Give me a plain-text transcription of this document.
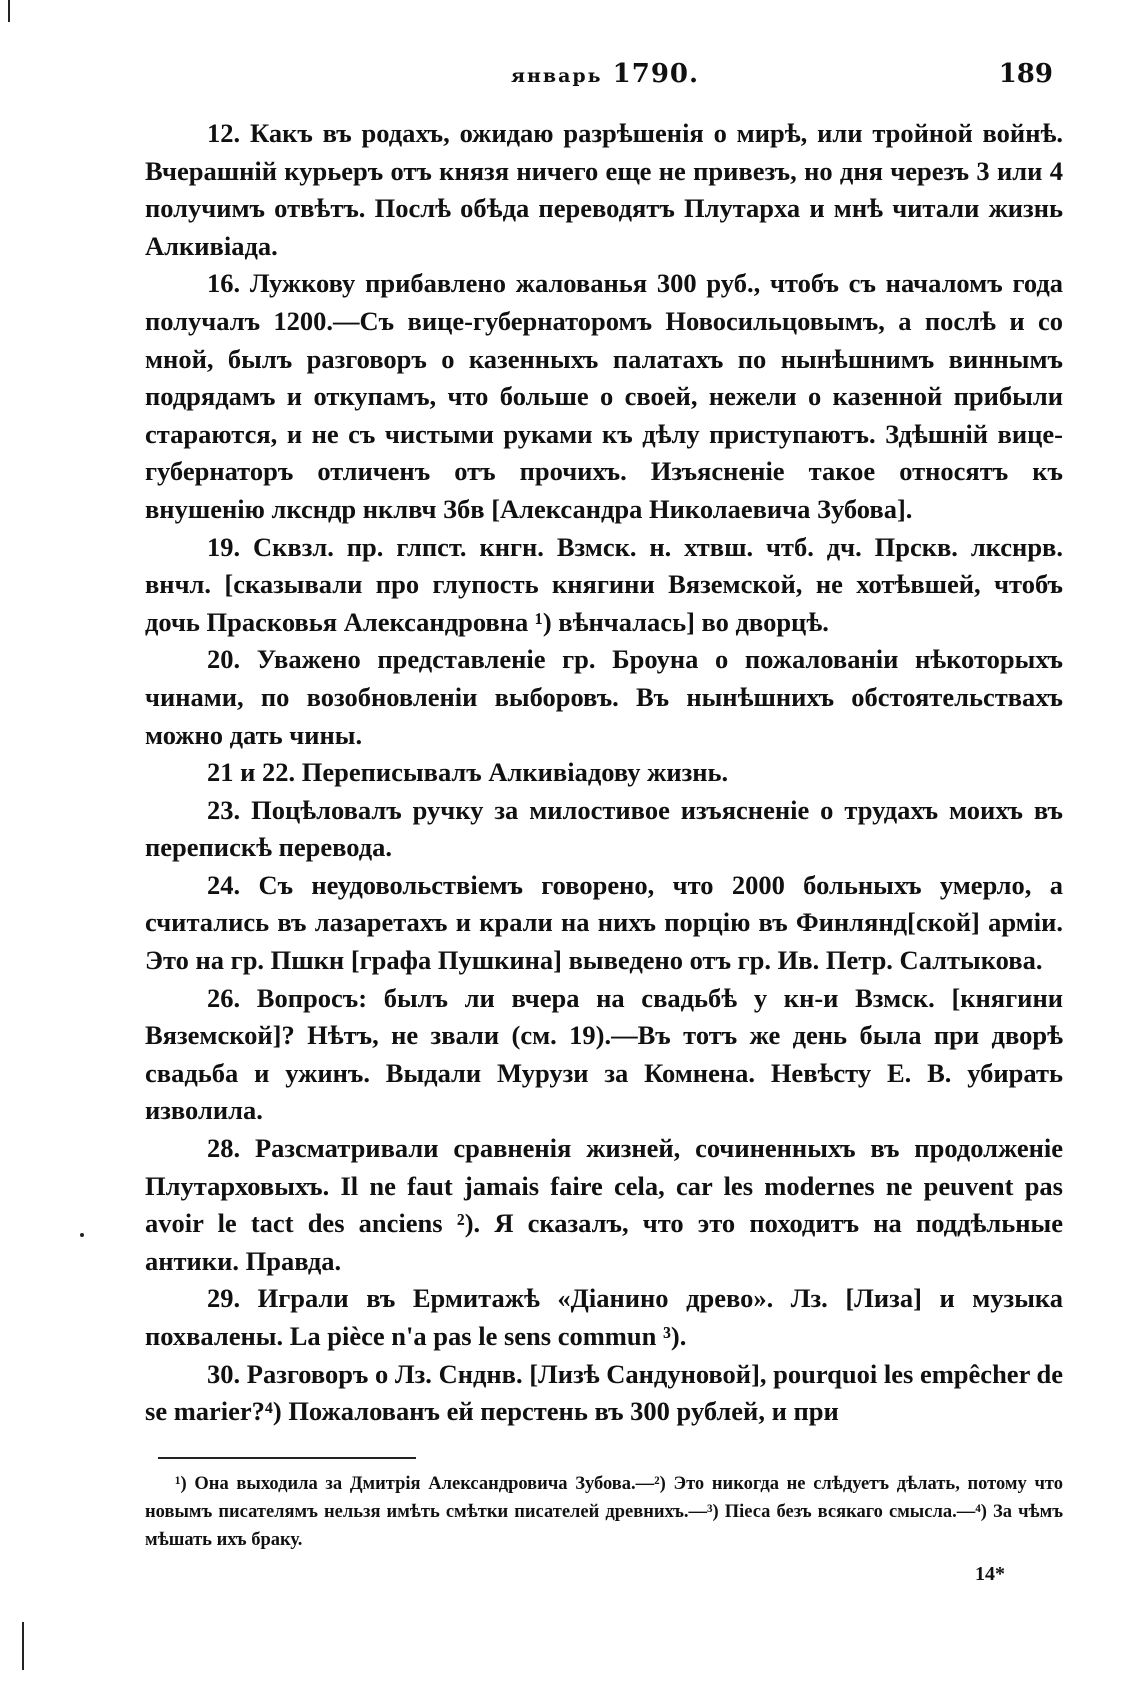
январь 1790.	189

12. Какъ въ родахъ, ожидаю разрѣшенія о мирѣ, или тройной войнѣ. Вчерашній курьеръ отъ князя ничего еще не привезъ, но дня черезъ 3 или 4 получимъ отвѣтъ. Послѣ обѣда переводятъ Плутарха и мнѣ читали жизнь Алкивіада.

16. Лужкову прибавлено жалованья 300 руб., чтобъ съ началомъ года получалъ 1200.—Съ вице-губернаторомъ Новосильцовымъ, а послѣ и со мной, былъ разговоръ о казенныхъ палатахъ по нынѣшнимъ виннымъ подрядамъ и откупамъ, что больше о своей, нежели о казенной прибыли стараются, и не съ чистыми руками къ дѣлу приступаютъ. Здѣшній вице-губернаторъ отличенъ отъ прочихъ. Изъясненіе такое относятъ къ внушенію лксндр нклвч Збв [Александра Николаевича Зубова].

19. Сквзл. пр. глпст. кнгн. Взмск. н. хтвш. чтб. дч. Прскв. лкснрв. внчл. [сказывали про глупость княгини Вяземской, не хотѣвшей, чтобъ дочь Прасковья Александровна ¹) вѣнчалась] во дворцѣ.

20. Уважено представленіе гр. Броуна о пожалованіи нѣкоторыхъ чинами, по возобновленіи выборовъ. Въ нынѣшнихъ обстоятельствахъ можно дать чины.

21 и 22. Переписывалъ Алкивіадову жизнь.

23. Поцѣловалъ ручку за милостивое изъясненіе о трудахъ моихъ въ перепискѣ перевода.

24. Съ неудовольствіемъ говорено, что 2000 больныхъ умерло, а считались въ лазаретахъ и крали на нихъ порцію въ Финлянд[ской] арміи. Это на гр. Пшкн [графа Пушкина] выведено отъ гр. Ив. Петр. Салтыкова.

26. Вопросъ: былъ ли вчера на свадьбѣ у кн-и Взмск. [княгини Вяземской]? Нѣтъ, не звали (см. 19).—Въ тотъ же день была при дворѣ свадьба и ужинъ. Выдали Мурузи за Комнена. Невѣсту Е. В. убирать изволила.

28. Разсматривали сравненія жизней, сочиненныхъ въ продолженіе Плутарховыхъ. Il ne faut jamais faire cela, car les modernes ne peuvent pas avoir le tact des anciens ²). Я сказалъ, что это походитъ на поддѣльные антики. Правда.

29. Играли въ Ермитажѣ «Діанино древо». Лз. [Лиза] и музыка похвалены. La pièce n'a pas le sens commun ³).

30. Разговоръ о Лз. Снднв. [Лизѣ Сандуновой], pourquoi les empêcher de se marier?⁴) Пожалованъ ей перстень въ 300 рублей, и при

¹) Она выходила за Дмитрія Александровича Зубова.—²) Это никогда не слѣдуетъ дѣлать, потому что новымъ писателямъ нельзя имѣть смѣтки писателей древнихъ.—³) Піеса безъ всякаго смысла.—⁴) За чѣмъ мѣшать ихъ браку.

14*
